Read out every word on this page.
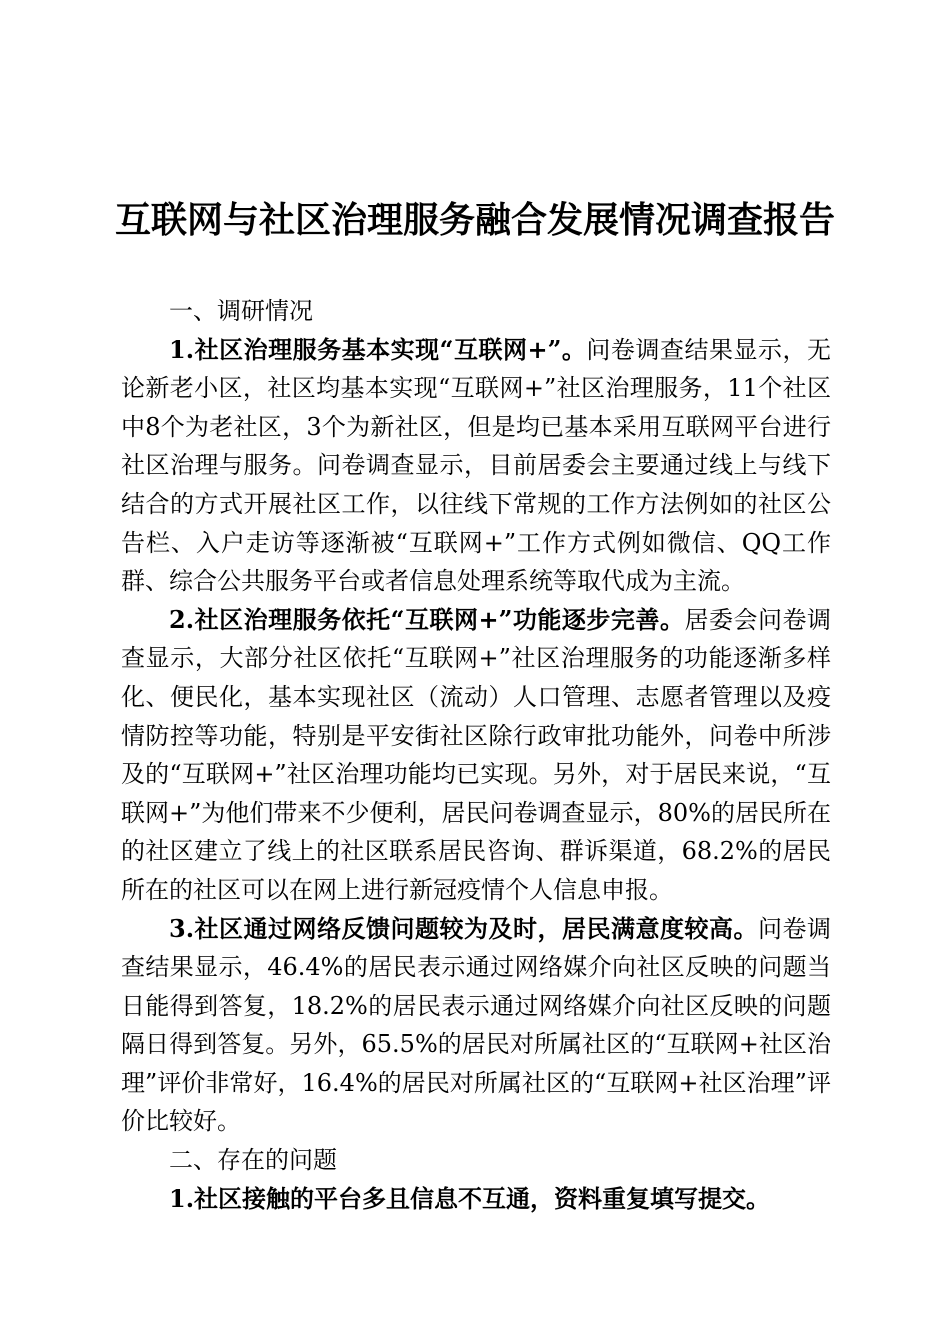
互联网与社区治理服务融合发展情况调查报告

一、调研情况

1.社区治理服务基本实现“互联网+”。问卷调查结果显示，无论新老小区，社区均基本实现“互联网+”社区治理服务，11个社区中8个为老社区，3个为新社区，但是均已基本采用互联网平台进行社区治理与服务。问卷调查显示，目前居委会主要通过线上与线下结合的方式开展社区工作，以往线下常规的工作方法例如的社区公告栏、入户走访等逐渐被“互联网+”工作方式例如微信、QQ工作群、综合公共服务平台或者信息处理系统等取代成为主流。

2.社区治理服务依托“互联网+”功能逐步完善。居委会问卷调查显示，大部分社区依托“互联网+”社区治理服务的功能逐渐多样化、便民化，基本实现社区（流动）人口管理、志愿者管理以及疫情防控等功能，特别是平安街社区除行政审批功能外，问卷中所涉及的“互联网+”社区治理功能均已实现。另外，对于居民来说，“互联网+”为他们带来不少便利，居民问卷调查显示，80%的居民所在的社区建立了线上的社区联系居民咨询、群诉渠道，68.2%的居民所在的社区可以在网上进行新冠疫情个人信息申报。

3.社区通过网络反馈问题较为及时，居民满意度较高。问卷调查结果显示，46.4%的居民表示通过网络媒介向社区反映的问题当日能得到答复，18.2%的居民表示通过网络媒介向社区反映的问题隔日得到答复。另外，65.5%的居民对所属社区的“互联网+社区治理”评价非常好，16.4%的居民对所属社区的“互联网+社区治理”评价比较好。

二、存在的问题

1.社区接触的平台多且信息不互通，资料重复填写提交。
